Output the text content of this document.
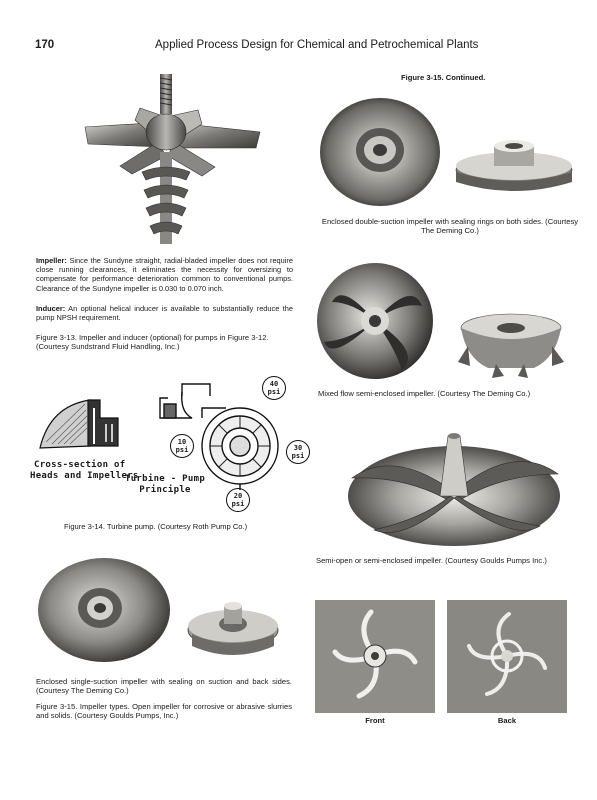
170	Applied Process Design for Chemical and Petrochemical Plants
Impeller: Since the Sundyne straight, radial-bladed impeller does not require close running clearances, it eliminates the necessity for oversizing to compensate for performance deterioration common to conventional pumps. Clearance of the Sundyne impeller is 0.030 to 0.070 inch.
Inducer: An optional helical inducer is available to substantially reduce the pump NPSH requirement.
Figure 3-13. Impeller and inducer (optional) for pumps in Figure 3-12. (Courtesy Sundstrand Fluid Handling, Inc.)
40
psi
10
psi	30
psi
20
psi
Cross-section of
Heads and Impellers
Turbine - Pump
Principle
Figure 3-14. Turbine pump. (Courtesy Roth Pump Co.)
Enclosed single-suction impeller with sealing on suction and back sides. (Courtesy The Deming Co.)
Figure 3-15. Impeller types. Open impeller for corrosive or abrasive slurries and solids. (Courtesy Goulds Pumps, Inc.)
Figure 3-15. Continued.
Enclosed double-suction impeller with sealing rings on both sides. (Courtesy The Deming Co.)
Mixed flow semi-enclosed impeller. (Courtesy The Deming Co.)
Semi-open or semi-enclosed impeller. (Courtesy Goulds Pumps Inc.)
Front	Back
